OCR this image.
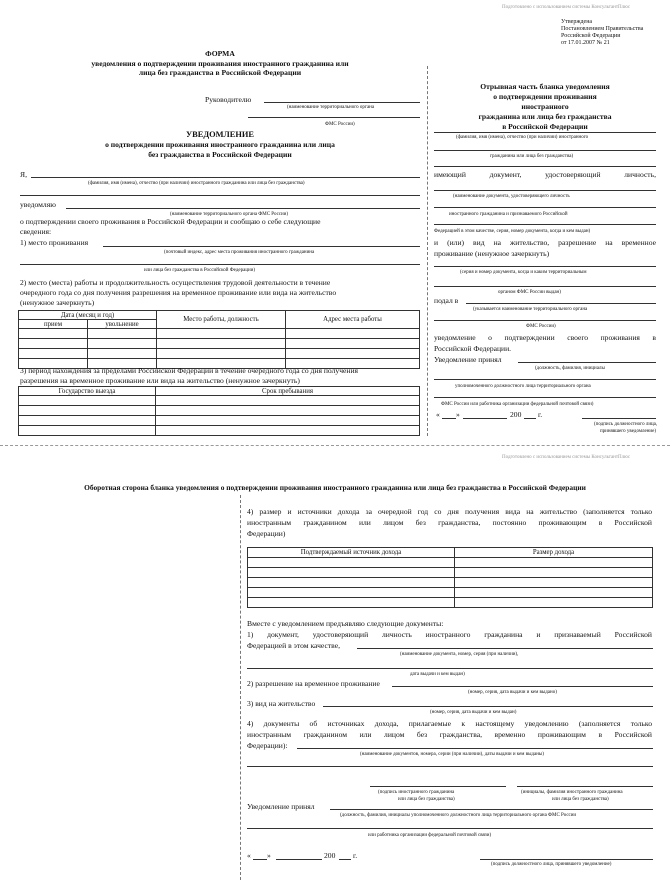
Подготовлено с использованием системы КонсультантПлюс
Утверждена
Постановлением Правительства
Российской Федерации
от 17.01.2007 № 21
ФОРМА
уведомления о подтверждении проживания иностранного гражданина или
лица без гражданства в Российской Федерации
Руководителю
(наименование территориального органа
ФМС России)
УВЕДОМЛЕНИЕ
о подтверждении проживания иностранного гражданина или лица
без гражданства в Российской Федерации
Я,
(фамилия, имя (имена), отчество (при наличии) иностранного гражданина или лица без гражданства)
уведомляю
(наименование территориального органа ФМС России)
о подтверждении своего проживания в Российской Федерации и сообщаю о себе следующие
сведения:
1) место проживания
(почтовый индекс, адрес места проживания иностранного гражданина
или лица без гражданства в Российской Федерации)
2) место (места) работы и продолжительность осуществления трудовой деятельности в течение
очередного года со дня получения разрешения на временное проживание или вида на жительство
(ненужное зачеркнуть)
Дата (месяц и год)		Место работы, должность	Адрес места работы
прием	увольнение		

3) период нахождения за пределами Российской Федерации в течение очередного года со дня получения
разрешения на временное проживание или вида на жительство (ненужное зачеркнуть)
Государство выезда	Срок пребывания

Отрывная часть бланка уведомления
о подтверждении проживания
иностранного
гражданина или лица без гражданства
в Российской Федерации
(фамилия, имя (имена), отчество (при наличии) иностранного
гражданина или лица без гражданства)
имеющий документ, удостоверяющий личность,
(наименование документа, удостоверяющего личность
иностранного гражданина и признаваемого Российской
Федерацией в этом качестве, серия, номер документа, когда и кем выдан)
и (или) вид на жительство, разрешение на временное
проживание (ненужное зачеркнуть)
(серия и номер документа, когда и каким территориальным
органом ФМС России выдан)
подал в
(указывается наименование территориального органа
ФМС России)
уведомление о подтверждении своего проживания в
Российской Федерации.
Уведомление принял
(должность, фамилия, инициалы
уполномоченного должностного лица территориального органа
ФМС России или работника организации федеральной почтовой связи)
« »	200 г.
(подпись должностного лица,
принявшего уведомление)
Подготовлено с использованием системы КонсультантПлюс
Оборотная сторона бланка уведомления о подтверждении проживания иностранного гражданина или лица без гражданства в Российской Федерации
4) размер и источники дохода за очередной год со дня получения вида на жительство (заполняется только
иностранным гражданином или лицом без гражданства, постоянно проживающим в Российской
Федерации)
Подтверждаемый источник дохода	Размер дохода

Вместе с уведомлением предъявляю следующие документы:
1) документ, удостоверяющий личность иностранного гражданина и признаваемый Российской
Федерацией в этом качестве,
(наименование документа, номер, серия (при наличии),
дата выдачи и кем выдан)
2) разрешение на временное проживание
(номер, серия, дата выдачи и кем выдано)
3) вид на жительство
(номер, серия, дата выдачи и кем выдан)
4) документы об источниках дохода, прилагаемые к настоящему уведомлению (заполняется только
иностранным гражданином или лицом без гражданства, временно проживающим в Российской
Федерации):
(наименование документов, номера, серии (при наличии), даты выдачи и кем выданы)
(подпись иностранного гражданина
или лица без гражданства)
(инициалы, фамилия иностранного гражданина
или лица без гражданства)
Уведомление принял
(должность, фамилия, инициалы уполномоченного должностного лица территориального органа ФМС России
или работника организации федеральной почтовой связи)
« »	200 г.
(подпись должностного лица, принявшего уведомление)
